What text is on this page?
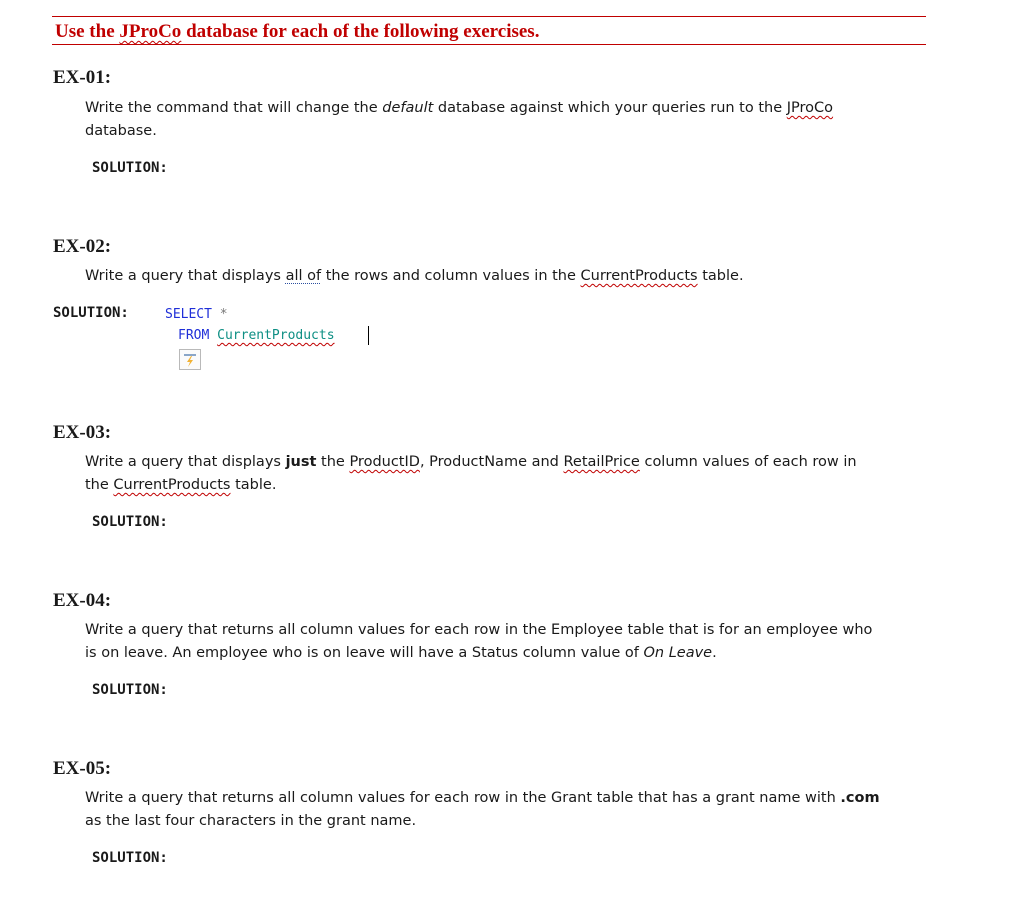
Use the JProCo database for each of the following exercises.

EX-01:

Write the command that will change the default database against which your queries run to the JProCo
database.

SOLUTION:

EX-02:

Write a query that displays all of the rows and column values in the CurrentProducts table.

SOLUTION:	SELECT *

FROM CurrentProducts

EX-03:

Write a query that displays just the ProductID, ProductName and RetailPrice column values of each row in
the CurrentProducts table.

SOLUTION:

EX-04:

Write a query that returns all column values for each row in the Employee table that is for an employee who
is on leave. An employee who is on leave will have a Status column value of On Leave.

SOLUTION:

EX-05:

Write a query that returns all column values for each row in the Grant table that has a grant name with .com
as the last four characters in the grant name.

SOLUTION:
